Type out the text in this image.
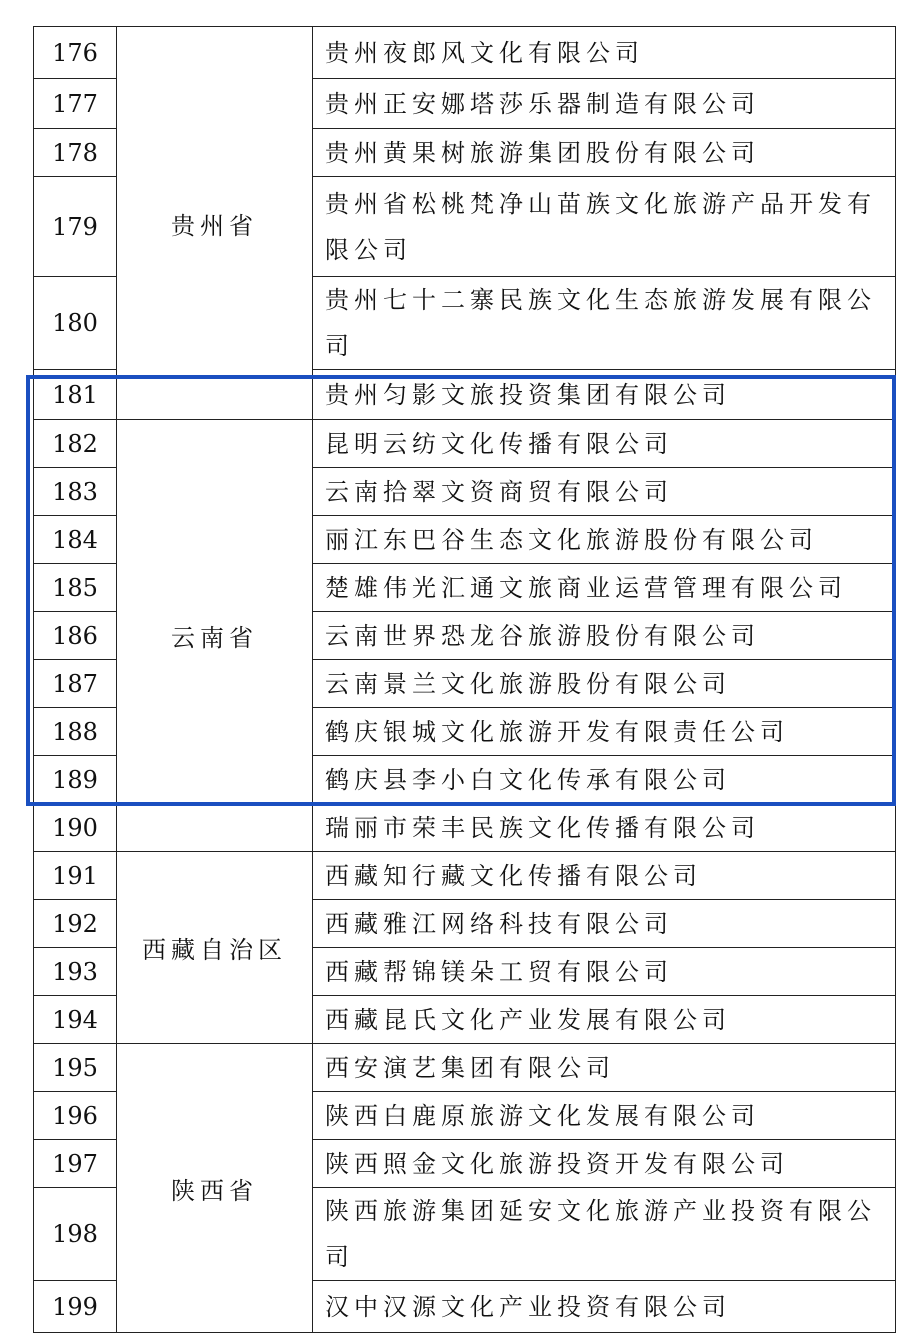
176	贵州省	贵州夜郎风文化有限公司
177		贵州正安娜塔莎乐器制造有限公司
178		贵州黄果树旅游集团股份有限公司
179		贵州省松桃梵净山苗族文化旅游产品开发有限公司
180		贵州七十二寨民族文化生态旅游发展有限公司
181		贵州匀影文旅投资集团有限公司
182	云南省	昆明云纺文化传播有限公司
183		云南拾翠文资商贸有限公司
184		丽江东巴谷生态文化旅游股份有限公司
185		楚雄伟光汇通文旅商业运营管理有限公司
186		云南世界恐龙谷旅游股份有限公司
187		云南景兰文化旅游股份有限公司
188		鹤庆银城文化旅游开发有限责任公司
189		鹤庆县李小白文化传承有限公司
190		瑞丽市荣丰民族文化传播有限公司
191	西藏自治区	西藏知行藏文化传播有限公司
192		西藏雅江网络科技有限公司
193		西藏帮锦镁朵工贸有限公司
194		西藏昆氏文化产业发展有限公司
195	陕西省	西安演艺集团有限公司
196		陕西白鹿原旅游文化发展有限公司
197		陕西照金文化旅游投资开发有限公司
198		陕西旅游集团延安文化旅游产业投资有限公司
199		汉中汉源文化产业投资有限公司
